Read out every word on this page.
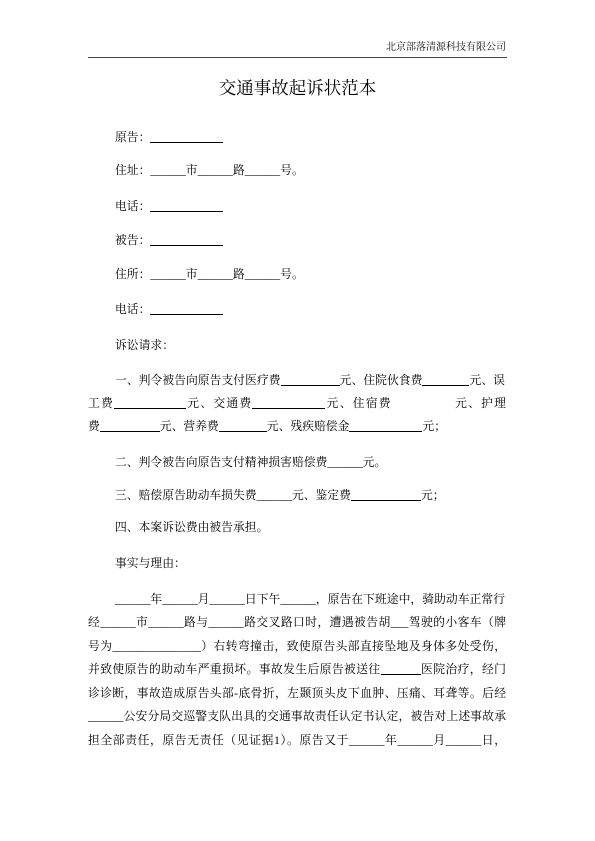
北京部落清源科技有限公司
交通事故起诉状范本
原告：
住址：______市______路______号。
电话：
被告：
住所：______市______路______号。
电话：
诉讼请求：
一、判令被告向原告支付医疗费	元、住院伙食费	元、误
工费	元、交通费	元、住宿费	元、护理
费	元、营养费	元、残疾赔偿金	元；
二、判令被告向原告支付精神损害赔偿费______元。
三、赔偿原告助动车损失费______元、鉴定费	元；
四、本案诉讼费由被告承担。
事实与理由：
______年______月______日下午______，原告在下班途中，骑助动车正常行
经______市______路与______路交叉路口时，遭遇被告胡___驾驶的小客车（牌
号为_______________）右转弯撞击，致使原告头部直接坠地及身体多处受伤，
并致使原告的助动车严重损坏。事故发生后原告被送往	医院治疗，经门
诊诊断，事故造成原告头部-底骨折，左颞顶头皮下血肿、压痛、耳聋等。后经
______公安分局交巡警支队出具的交通事故责任认定书认定，被告对上述事故承
担全部责任，原告无责任（见证据1）。原告又于______年______月______日，
